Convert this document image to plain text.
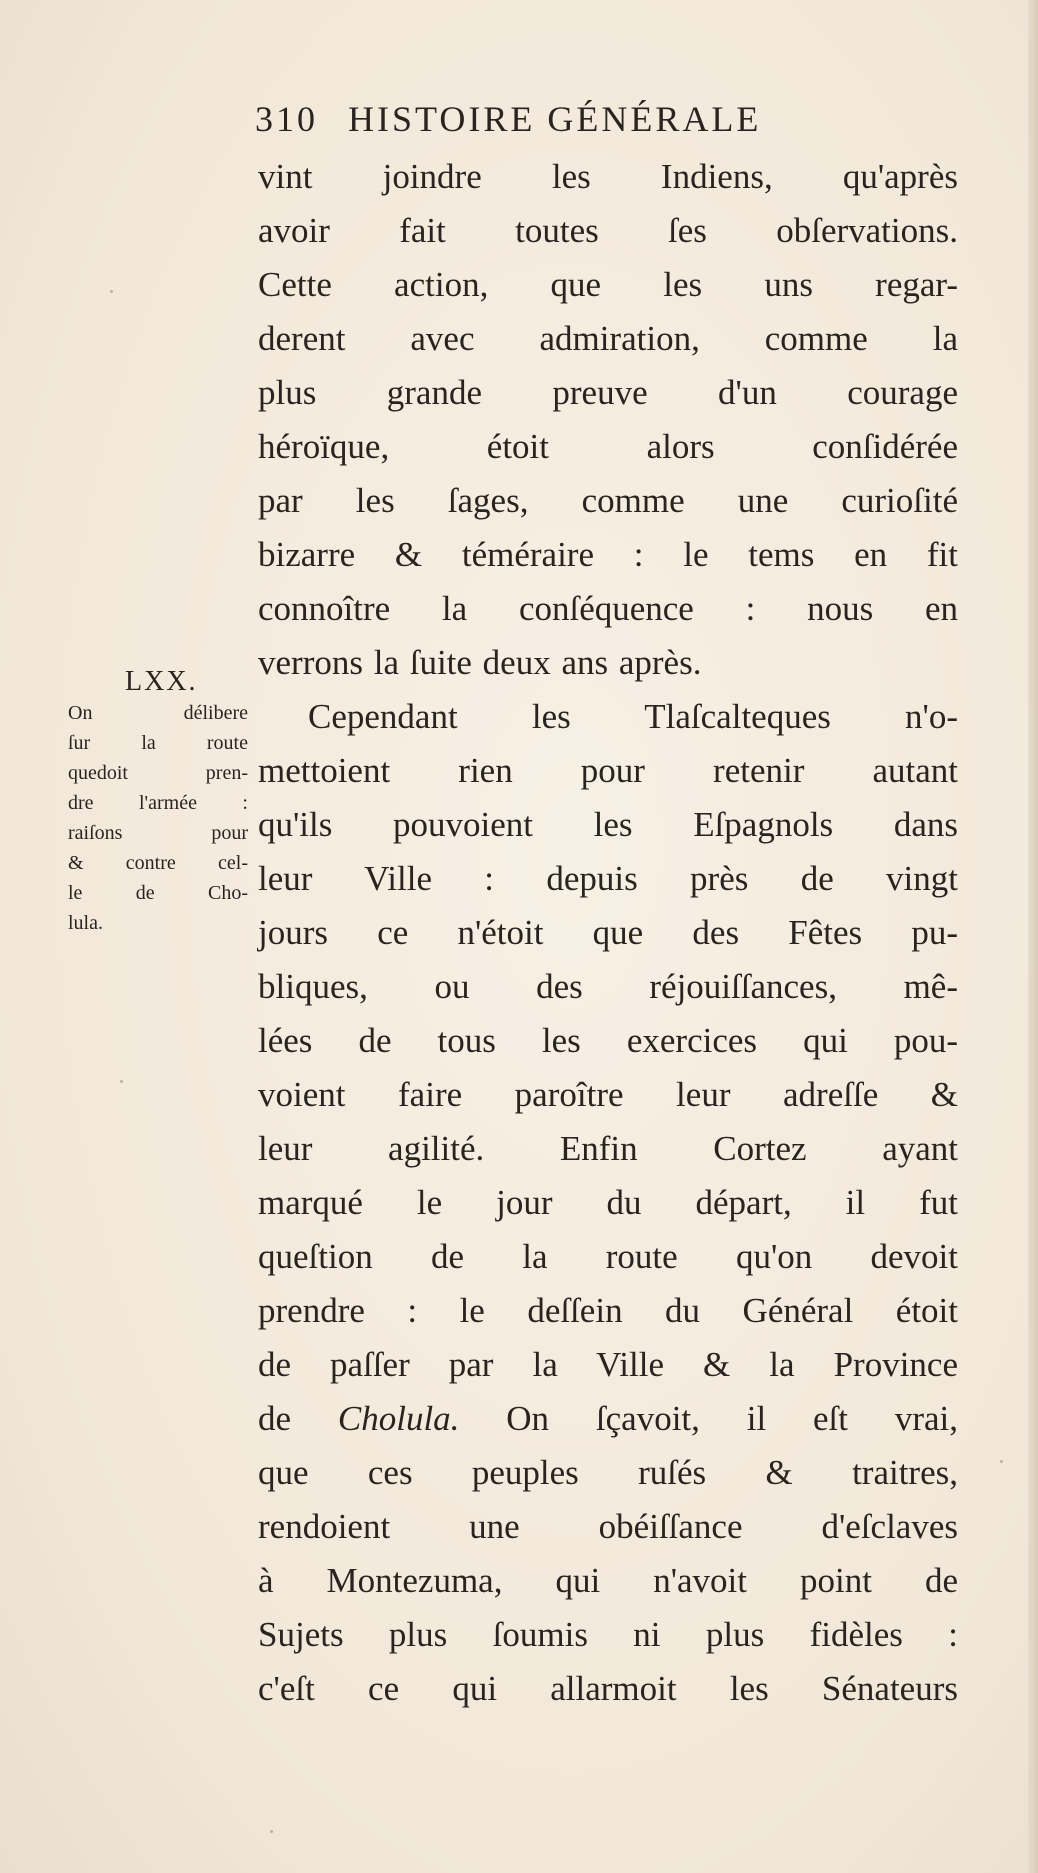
310 HISTOIRE GÉNÉRALE
LXX.
On délibere
ſur la route
quedoit pren-
dre l'armée :
raiſons pour
& contre cel-
le de Cho-
lula.
vint joindre les Indiens, qu'après
avoir fait toutes ſes obſervations.
Cette action, que les uns regar-
derent avec admiration, comme la
plus grande preuve d'un courage
héroïque, étoit alors conſidérée
par les ſages, comme une curioſité
bizarre & téméraire : le tems en fit
connoître la conſéquence : nous en
verrons la ſuite deux ans après.
Cependant les Tlaſcalteques n'o-
mettoient rien pour retenir autant
qu'ils pouvoient les Eſpagnols dans
leur Ville : depuis près de vingt
jours ce n'étoit que des Fêtes pu-
bliques, ou des réjouiſſances, mê-
lées de tous les exercices qui pou-
voient faire paroître leur adreſſe &
leur agilité. Enfin Cortez ayant
marqué le jour du départ, il fut
queſtion de la route qu'on devoit
prendre : le deſſein du Général étoit
de paſſer par la Ville & la Province
de Cholula. On ſçavoit, il eſt vrai,
que ces peuples ruſés & traitres,
rendoient une obéiſſance d'eſclaves
à Montezuma, qui n'avoit point de
Sujets plus ſoumis ni plus fidèles :
c'eſt ce qui allarmoit les Sénateurs
